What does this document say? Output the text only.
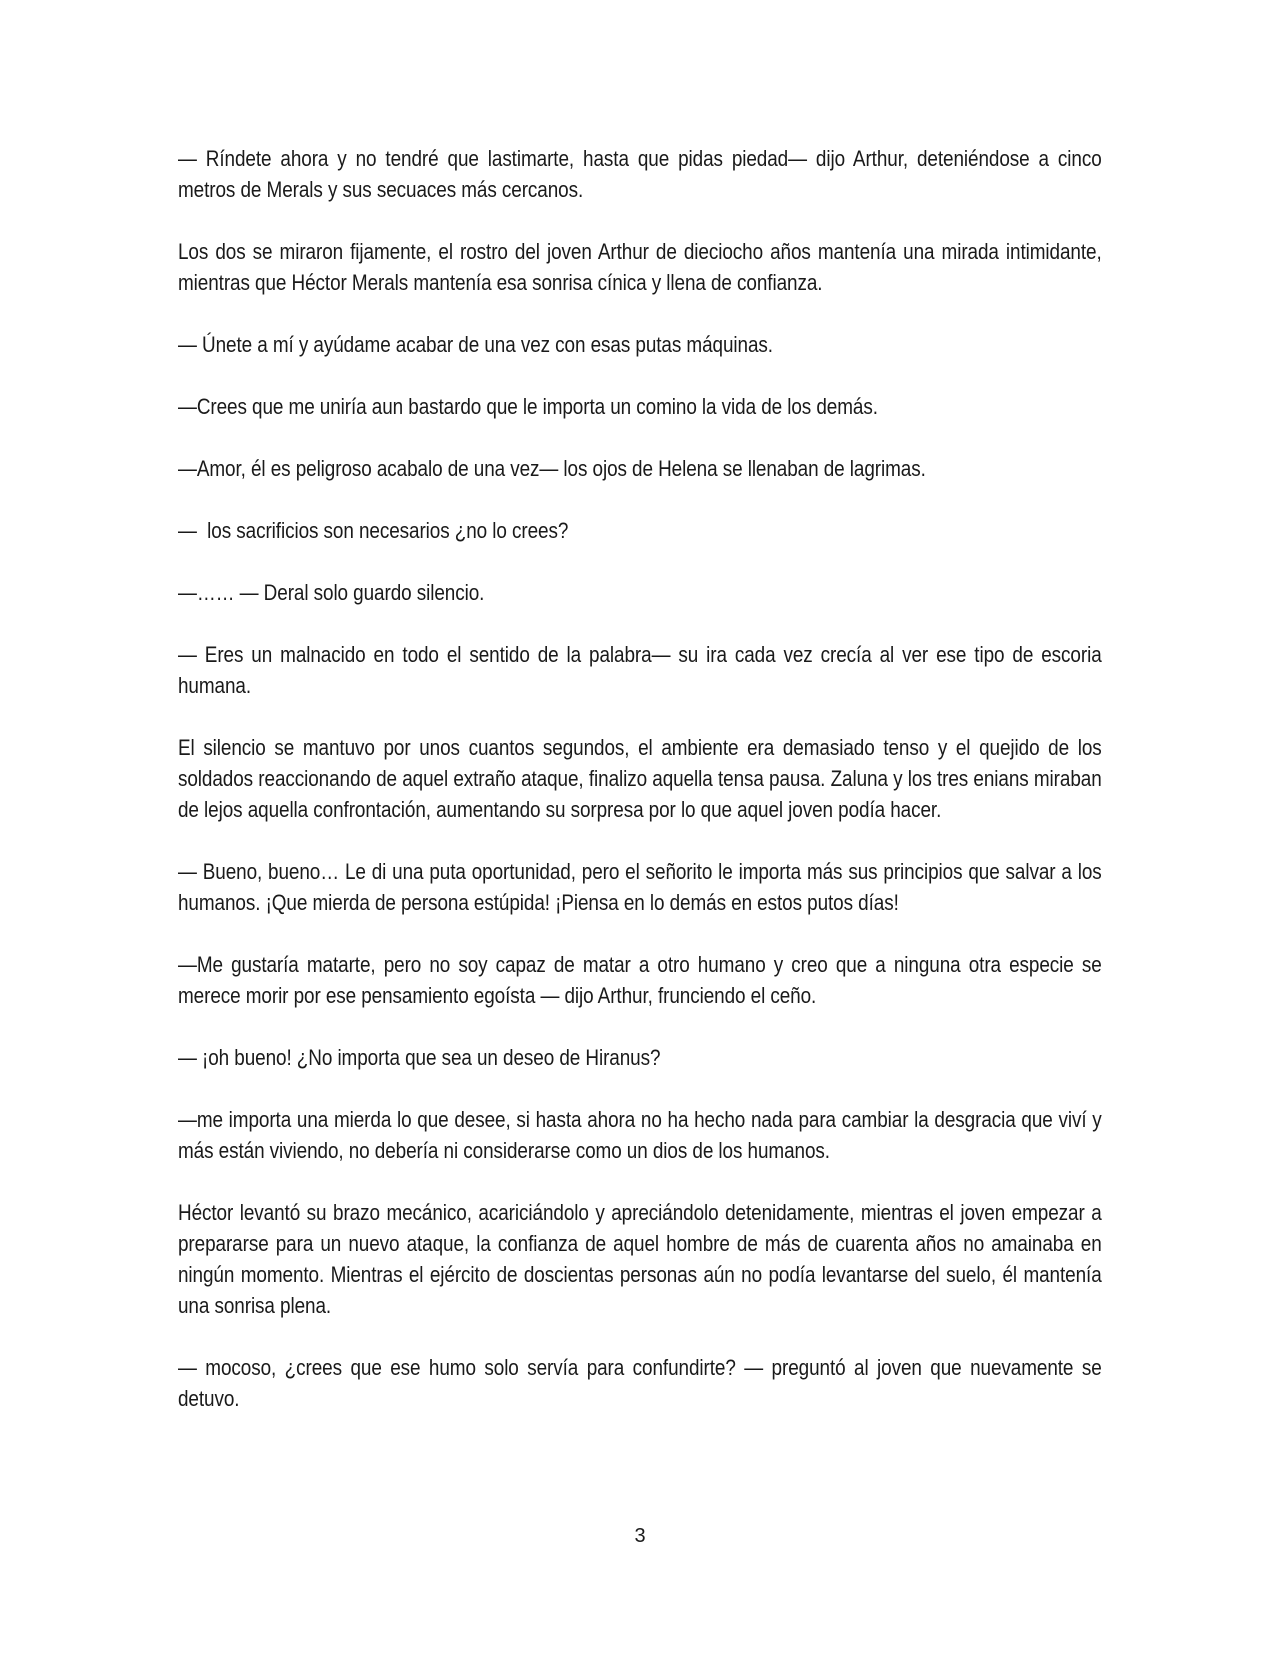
— Ríndete ahora y no tendré que lastimarte, hasta que pidas piedad— dijo Arthur, deteniéndose a cinco metros de Merals y sus secuaces más cercanos.

Los dos se miraron fijamente, el rostro del joven Arthur de dieciocho años mantenía una mirada intimidante, mientras que Héctor Merals mantenía esa sonrisa cínica y llena de confianza.

— Únete a mí y ayúdame acabar de una vez con esas putas máquinas.

—Crees que me uniría aun bastardo que le importa un comino la vida de los demás.

—Amor, él es peligroso acabalo de una vez— los ojos de Helena se llenaban de lagrimas.

—  los sacrificios son necesarios ¿no lo crees?

—…… — Deral solo guardo silencio.

— Eres un malnacido en todo el sentido de la palabra— su ira cada vez crecía al ver ese tipo de escoria humana.

El silencio se mantuvo por unos cuantos segundos, el ambiente era demasiado tenso y el quejido de los soldados reaccionando de aquel extraño ataque, finalizo aquella tensa pausa. Zaluna y los tres enians miraban de lejos aquella confrontación, aumentando su sorpresa por lo que aquel joven podía hacer.

— Bueno, bueno… Le di una puta oportunidad, pero el señorito le importa más sus principios que salvar a los humanos. ¡Que mierda de persona estúpida! ¡Piensa en lo demás en estos putos días!

—Me gustaría matarte, pero no soy capaz de matar a otro humano y creo que a ninguna otra especie se merece morir por ese pensamiento egoísta — dijo Arthur, frunciendo el ceño.

— ¡oh bueno! ¿No importa que sea un deseo de Hiranus?

—me importa una mierda lo que desee, si hasta ahora no ha hecho nada para cambiar la desgracia que viví y más están viviendo, no debería ni considerarse como un dios de los humanos.

Héctor levantó su brazo mecánico, acariciándolo y apreciándolo detenidamente, mientras el joven empezar a prepararse para un nuevo ataque, la confianza de aquel hombre de más de cuarenta años no amainaba en ningún momento. Mientras el ejército de doscientas personas aún no podía levantarse del suelo, él mantenía una sonrisa plena.

— mocoso, ¿crees que ese humo solo servía para confundirte? — preguntó al joven que nuevamente se detuvo.

3
